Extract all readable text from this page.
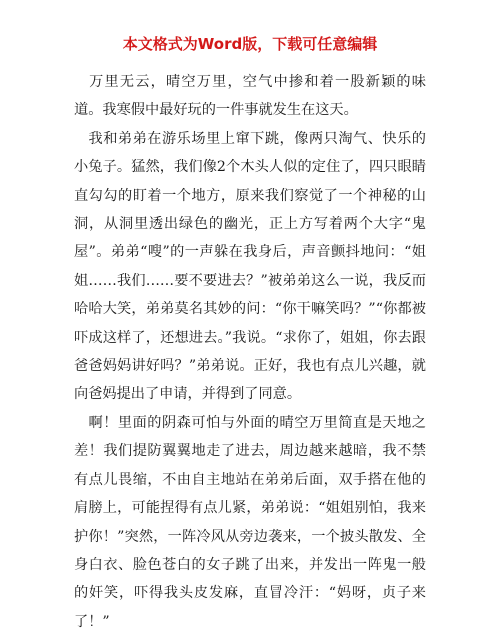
本文格式为Word版，下载可任意编辑

万里无云，晴空万里，空气中掺和着一股新颖的味道。我寒假中最好玩的一件事就发生在这天。

我和弟弟在游乐场里上窜下跳，像两只淘气、快乐的小兔子。猛然，我们像2个木头人似的定住了，四只眼睛直勾勾的盯着一个地方，原来我们察觉了一个神秘的山洞，从洞里透出绿色的幽光，正上方写着两个大字“鬼屋”。弟弟“嗖”的一声躲在我身后，声音颤抖地问：“姐姐……我们……要不要进去？”被弟弟这么一说，我反而哈哈大笑，弟弟莫名其妙的问：“你干嘛笑吗？”“你都被吓成这样了，还想进去。”我说。“求你了，姐姐，你去跟爸爸妈妈讲好吗？”弟弟说。正好，我也有点儿兴趣，就向爸妈提出了申请，并得到了同意。

啊！里面的阴森可怕与外面的晴空万里简直是天地之差！我们提防翼翼地走了进去，周边越来越暗，我不禁有点儿畏缩，不由自主地站在弟弟后面，双手搭在他的肩膀上，可能捏得有点儿紧，弟弟说：“姐姐别怕，我来护你！”突然，一阵冷风从旁边袭来，一个披头散发、全身白衣、脸色苍白的女子跳了出来，并发出一阵鬼一般的奸笑，吓得我头皮发麻，直冒冷汗：“妈呀，贞子来了！”
